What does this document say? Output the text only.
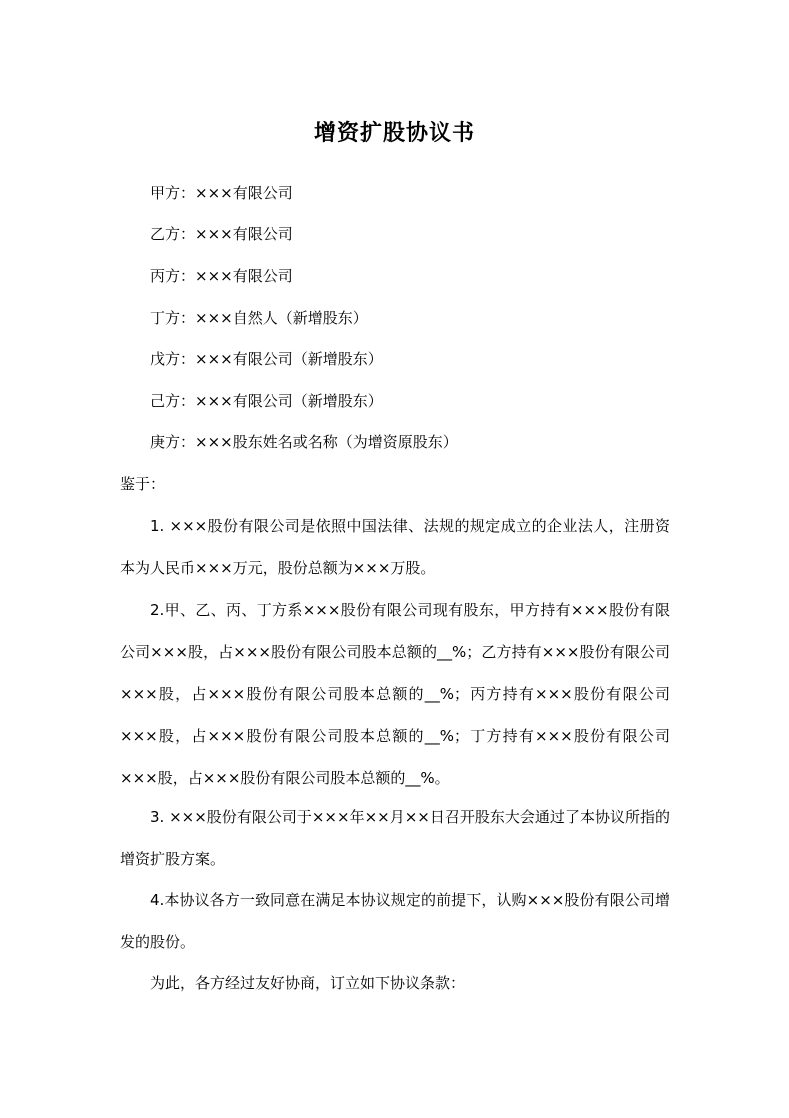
增资扩股协议书
甲方：×××有限公司
乙方：×××有限公司
丙方：×××有限公司
丁方：×××自然人（新增股东）
戊方：×××有限公司（新增股东）
己方：×××有限公司（新增股东）
庚方：×××股东姓名或名称（为增资原股东）
鉴于：
1. ×××股份有限公司是依照中国法律、法规的规定成立的企业法人，注册资本为人民币×××万元，股份总额为×××万股。
2.甲、乙、丙、丁方系×××股份有限公司现有股东，甲方持有×××股份有限公司×××股，占×××股份有限公司股本总额的__%；乙方持有×××股份有限公司×××股，占×××股份有限公司股本总额的__%；丙方持有×××股份有限公司×××股，占×××股份有限公司股本总额的__%；丁方持有×××股份有限公司×××股，占×××股份有限公司股本总额的__%。
3. ×××股份有限公司于×××年××月××日召开股东大会通过了本协议所指的增资扩股方案。
4.本协议各方一致同意在满足本协议规定的前提下，认购×××股份有限公司增发的股份。
为此，各方经过友好协商，订立如下协议条款：
